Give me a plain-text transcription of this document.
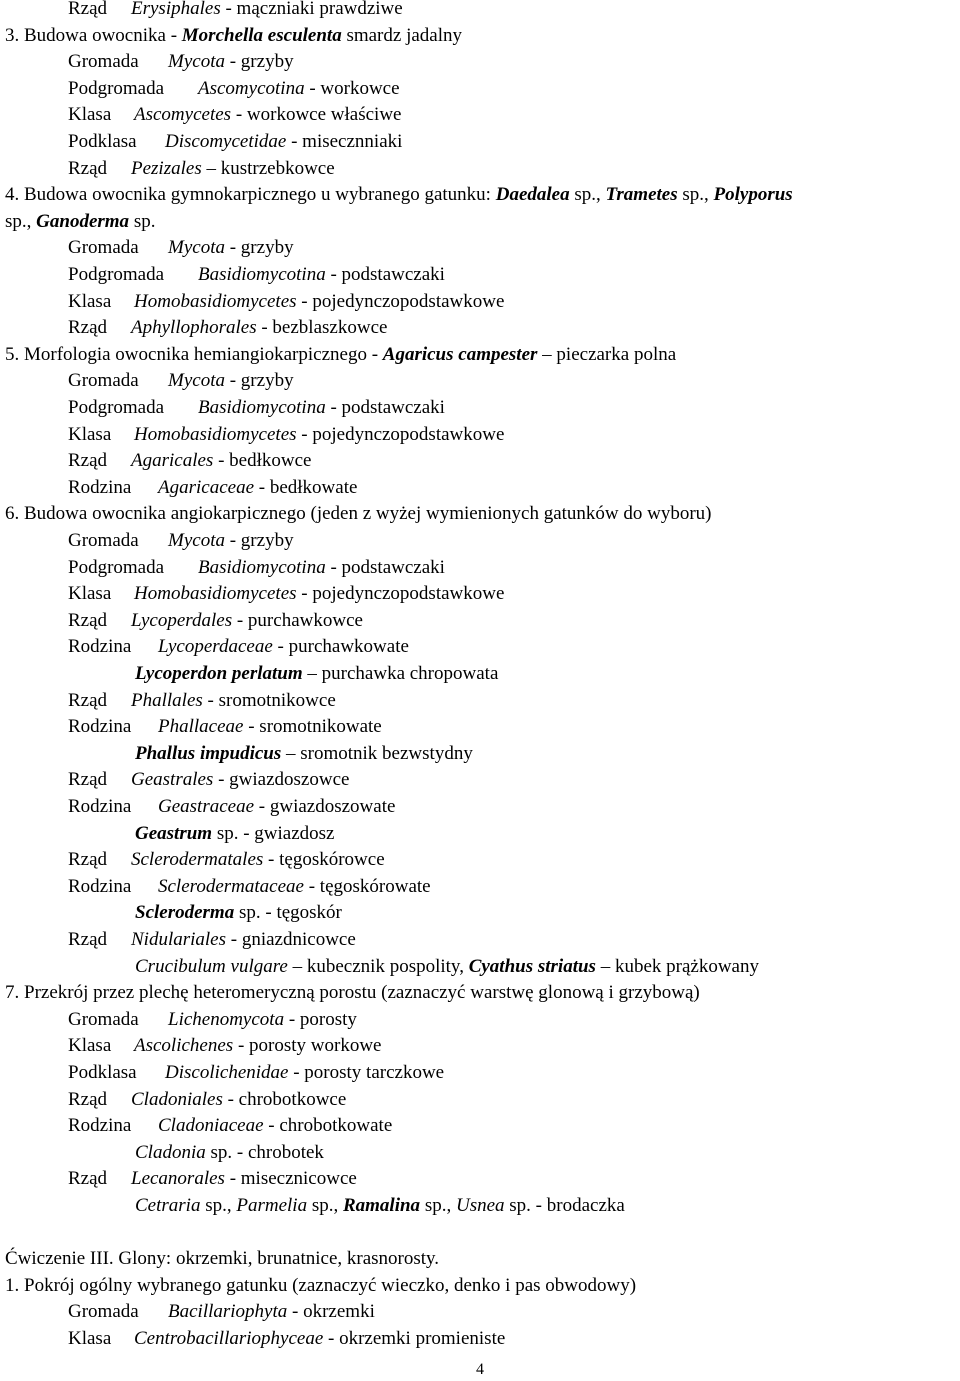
4
Rząd Erysiphales - mączniaki prawdziwe
3. Budowa owocnika - Morchella esculenta smardz jadalny
Gromada Mycota - grzyby
Podgromada Ascomycotina - workowce
Klasa Ascomycetes - workowce właściwe
Podklasa Discomycetidae - misecznniaki
Rząd Pezizales – kustrzebkowce
4. Budowa owocnika gymnokarpicznego u wybranego gatunku: Daedalea sp., Trametes sp., Polyporus
sp., Ganoderma sp.
Gromada Mycota - grzyby
Podgromada Basidiomycotina - podstawczaki
Klasa Homobasidiomycetes - pojedynczopodstawkowe
Rząd Aphyllophorales - bezblaszkowce
5. Morfologia owocnika hemiangiokarpicznego - Agaricus campester – pieczarka polna
Gromada Mycota - grzyby
Podgromada Basidiomycotina - podstawczaki
Klasa Homobasidiomycetes - pojedynczopodstawkowe
Rząd Agaricales - bedłkowce
Rodzina Agaricaceae - bedłkowate
6. Budowa owocnika angiokarpicznego (jeden z wyżej wymienionych gatunków do wyboru)
Gromada Mycota - grzyby
Podgromada Basidiomycotina - podstawczaki
Klasa Homobasidiomycetes - pojedynczopodstawkowe
Rząd Lycoperdales - purchawkowce
Rodzina Lycoperdaceae - purchawkowate
Lycoperdon perlatum – purchawka chropowata
Rząd Phallales - sromotnikowce
Rodzina Phallaceae - sromotnikowate
Phallus impudicus – sromotnik bezwstydny
Rząd Geastrales - gwiazdoszowce
Rodzina Geastraceae - gwiazdoszowate
Geastrum sp. - gwiazdosz
Rząd Sclerodermatales - tęgoskórowce
Rodzina Sclerodermataceae - tęgoskórowate
Scleroderma sp. - tęgoskór
Rząd Nidulariales - gniazdnicowce
Crucibulum vulgare – kubecznik pospolity, Cyathus striatus – kubek prążkowany
7. Przekrój przez plechę heteromeryczną porostu (zaznaczyć warstwę glonową i grzybową)
Gromada Lichenomycota - porosty
Klasa Ascolichenes - porosty workowe
Podklasa Discolichenidae - porosty tarczkowe
Rząd Cladoniales - chrobotkowce
Rodzina Cladoniaceae - chrobotkowate
Cladonia sp. - chrobotek
Rząd Lecanorales - misecznicowce
Cetraria sp., Parmelia sp., Ramalina sp., Usnea sp. - brodaczka
Ćwiczenie III. Glony: okrzemki, brunatnice, krasnorosty.
1. Pokrój ogólny wybranego gatunku (zaznaczyć wieczko, denko i pas obwodowy)
Gromada Bacillariophyta - okrzemki
Klasa Centrobacillariophyceae - okrzemki promieniste
